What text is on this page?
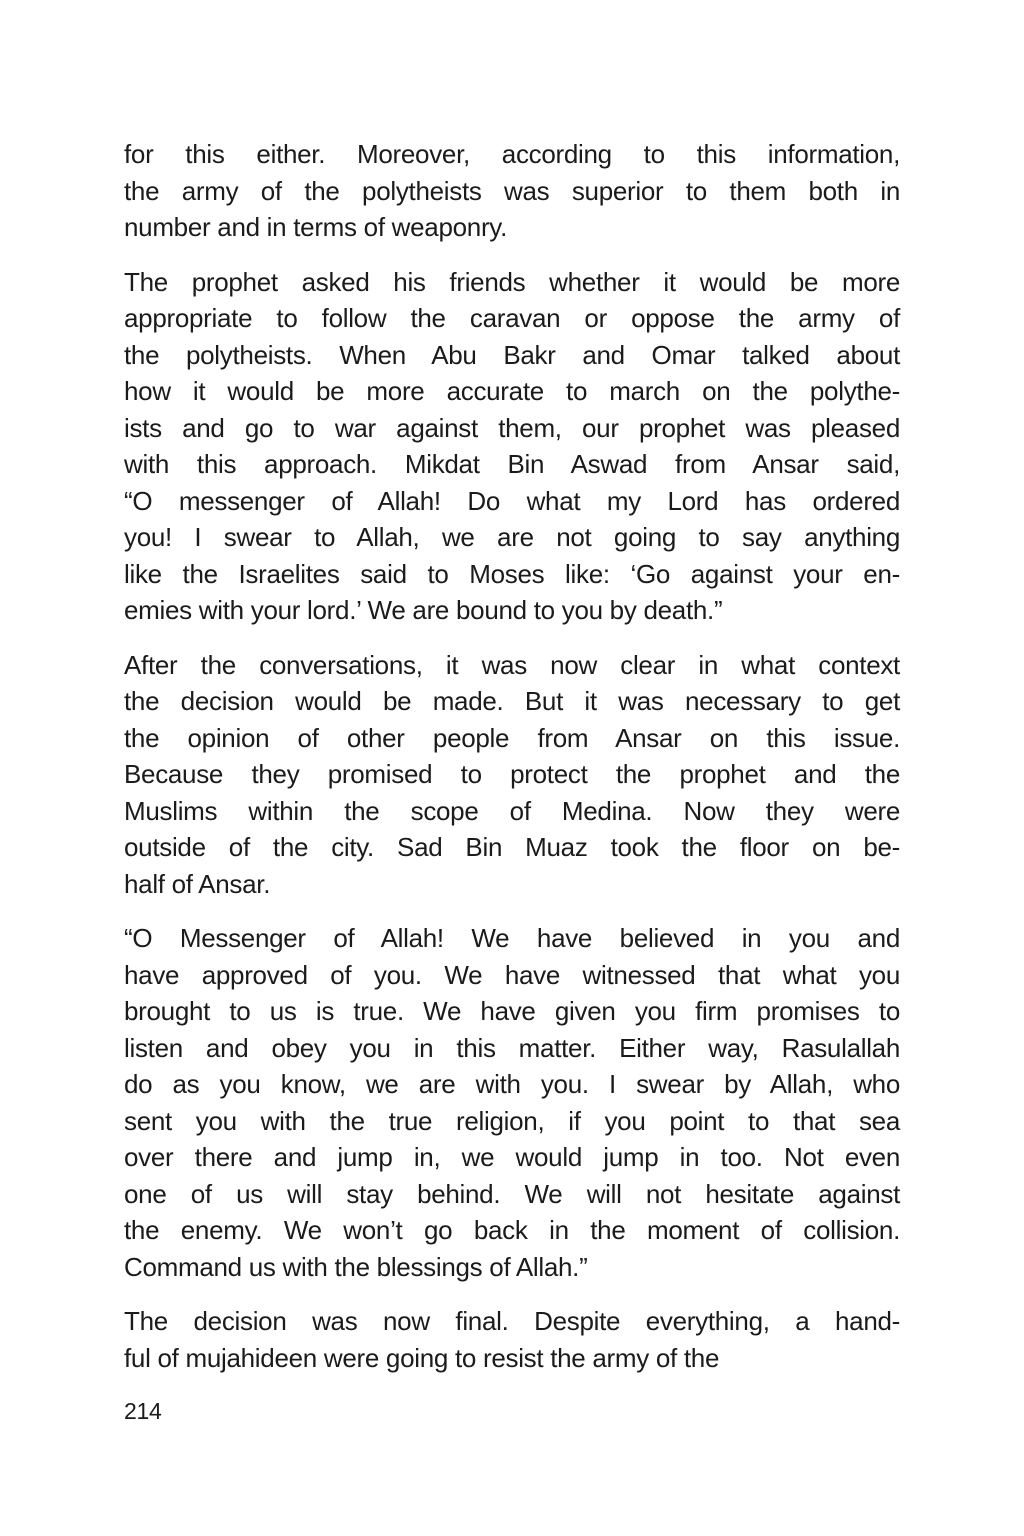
for this either. Moreover, according to this information,
the army of the polytheists was superior to them both in
number and in terms of weaponry.
The prophet asked his friends whether it would be more
appropriate to follow the caravan or oppose the army of
the polytheists. When Abu Bakr and Omar talked about
how it would be more accurate to march on the polythe-
ists and go to war against them, our prophet was pleased
with this approach. Mikdat Bin Aswad from Ansar said,
“O messenger of Allah! Do what my Lord has ordered
you! I swear to Allah, we are not going to say anything
like the Israelites said to Moses like: ‘Go against your en-
emies with your lord.’ We are bound to you by death.”
After the conversations, it was now clear in what context
the decision would be made. But it was necessary to get
the opinion of other people from Ansar on this issue.
Because they promised to protect the prophet and the
Muslims within the scope of Medina. Now they were
outside of the city. Sad Bin Muaz took the floor on be-
half of Ansar.
“O Messenger of Allah! We have believed in you and
have approved of you. We have witnessed that what you
brought to us is true. We have given you firm promises to
listen and obey you in this matter. Either way, Rasulallah
do as you know, we are with you. I swear by Allah, who
sent you with the true religion, if you point to that sea
over there and jump in, we would jump in too. Not even
one of us will stay behind. We will not hesitate against
the enemy. We won’t go back in the moment of collision.
Command us with the blessings of Allah.”
The decision was now final. Despite everything, a hand-
ful of mujahideen were going to resist the army of the
214
